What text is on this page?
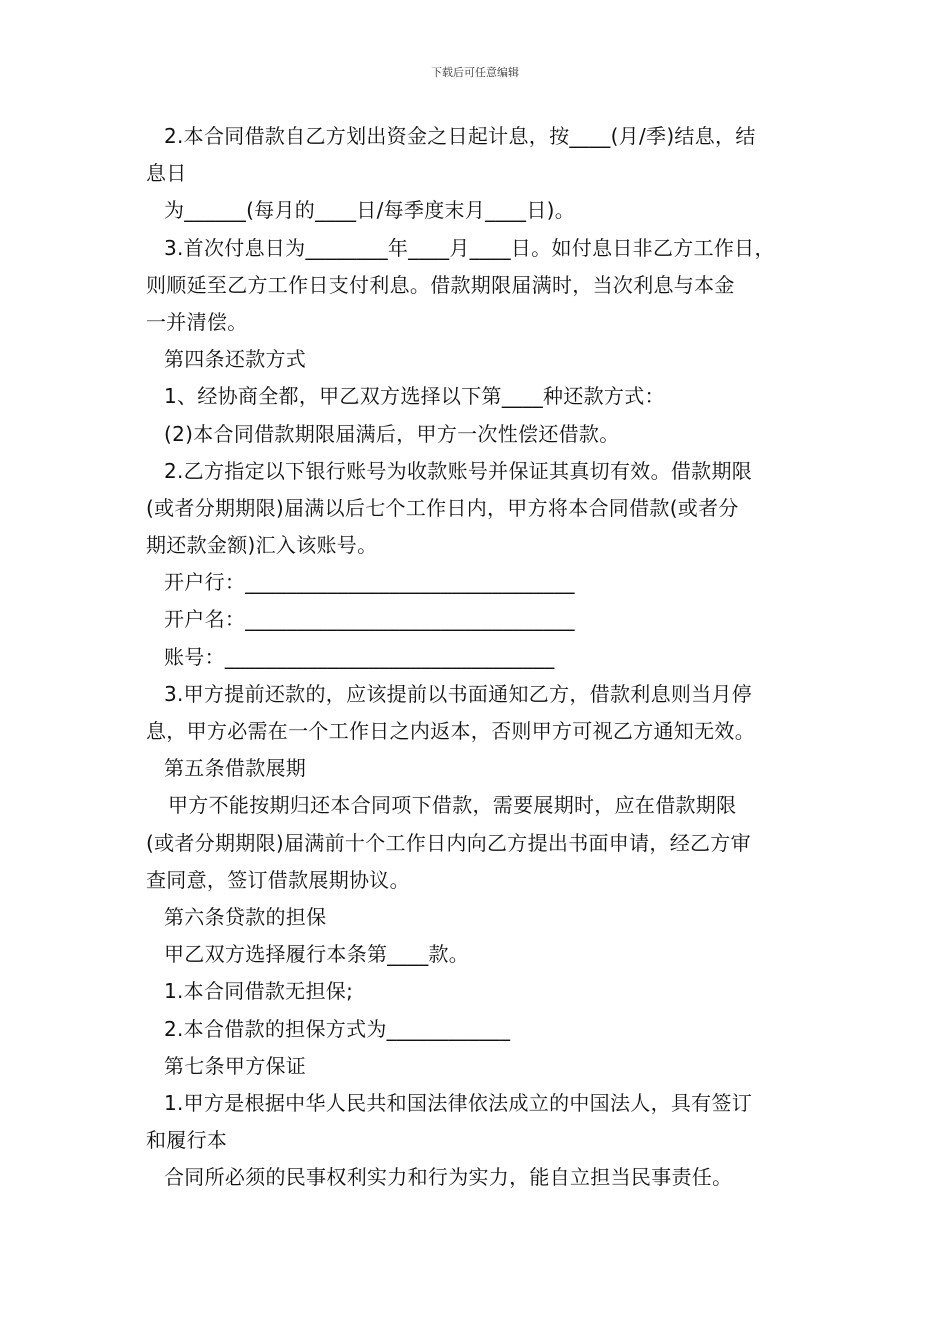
下载后可任意编辑
2.本合同借款自乙方划出资金之日起计息，按____(月/季)结息，结
息日
为______(每月的____日/每季度末月____日)。
3.首次付息日为________年____月____日。如付息日非乙方工作日，
则顺延至乙方工作日支付利息。借款期限届满时，当次利息与本金
一并清偿。
第四条还款方式
1、经协商全都，甲乙双方选择以下第____种还款方式：
(2)本合同借款期限届满后，甲方一次性偿还借款。
2.乙方指定以下银行账号为收款账号并保证其真切有效。借款期限
(或者分期期限)届满以后七个工作日内，甲方将本合同借款(或者分
期还款金额)汇入该账号。
开户行：________________________________
开户名：________________________________
账号：________________________________
3.甲方提前还款的，应该提前以书面通知乙方，借款利息则当月停
息，甲方必需在一个工作日之内返本，否则甲方可视乙方通知无效。
第五条借款展期
甲方不能按期归还本合同项下借款，需要展期时，应在借款期限
(或者分期期限)届满前十个工作日内向乙方提出书面申请，经乙方审
查同意，签订借款展期协议。
第六条贷款的担保
甲乙双方选择履行本条第____款。
1.本合同借款无担保;
2.本合借款的担保方式为____________
第七条甲方保证
1.甲方是根据中华人民共和国法律依法成立的中国法人，具有签订
和履行本
合同所必须的民事权利实力和行为实力，能自立担当民事责任。
